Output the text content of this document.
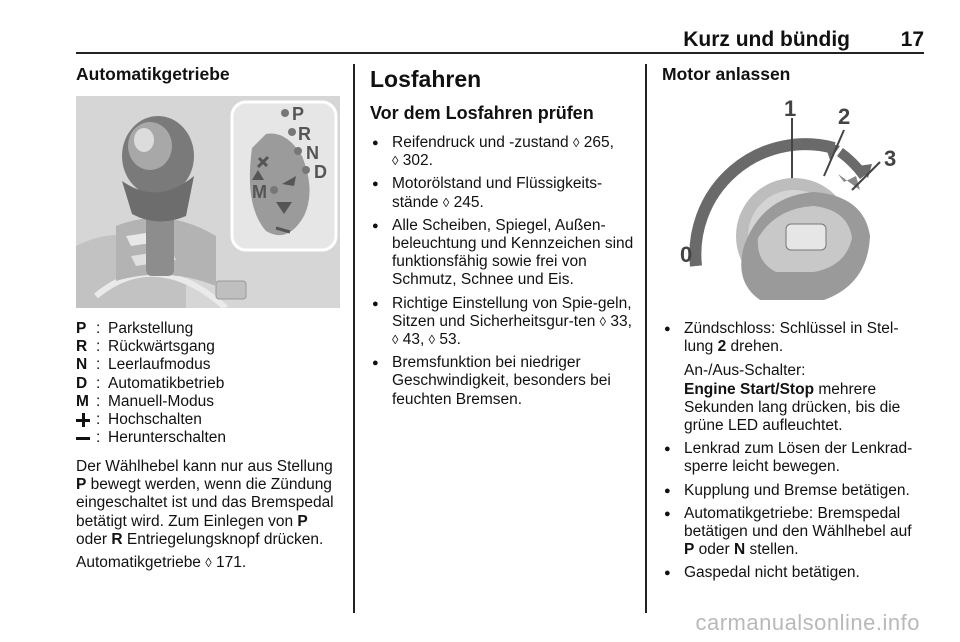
Kurz und bündig 17
Automatikgetriebe
P
R
N
D
M
P : Parkstellung
R : Rückwärtsgang
N : Leerlaufmodus
D : Automatikbetrieb
M : Manuell-Modus
: Hochschalten
: Herunterschalten

Der Wählhebel kann nur aus Stellung
P bewegt werden, wenn die Zündung eingeschaltet ist und das Bremspedal betätigt wird. Zum Einlegen von P
oder R Entriegelungsknopf drücken.

Automatikgetriebe ◊ 171.

Losfahren
Vor dem Losfahren prüfen
● Reifendruck und -zustand ◊ 265,
◊ 302.
● Motorölstand und Flüssigkeits-stände ◊ 245.
● Alle Scheiben, Spiegel, Außen-beleuchtung und Kennzeichen sind funktionsfähig sowie frei von Schmutz, Schnee und Eis.
● Richtige Einstellung von Spie-geln, Sitzen und Sicherheitsgur-ten ◊ 33, ◊ 43, ◊ 53.
● Bremsfunktion bei niedriger Geschwindigkeit, besonders bei feuchten Bremsen.
Motor anlassen
1 2
3
0
● Zündschloss: Schlüssel in Stel-lung 2 drehen.
An-/Aus-Schalter:
Engine Start/Stop mehrere Sekunden lang drücken, bis die grüne LED aufleuchtet.
● Lenkrad zum Lösen der Lenkrad-sperre leicht bewegen.
● Kupplung und Bremse betätigen.
● Automatikgetriebe: Bremspedal betätigen und den Wählhebel auf P oder N stellen.
● Gaspedal nicht betätigen.
carmanualsonline.info
